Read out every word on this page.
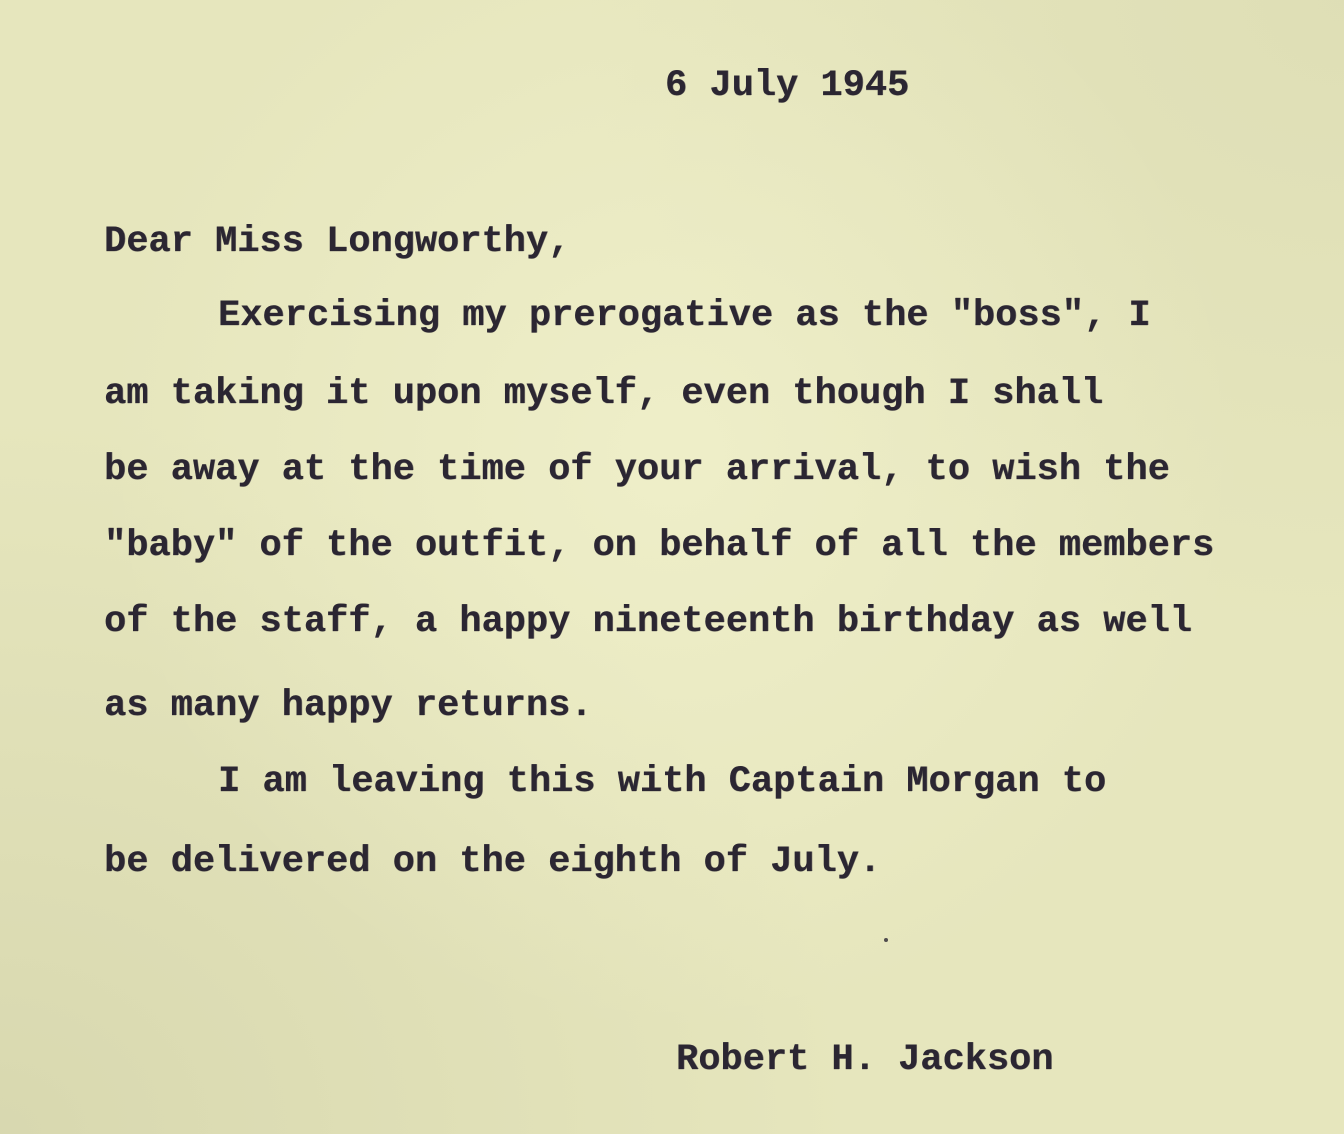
6 July 1945

Dear Miss Longworthy,

Exercising my prerogative as the "boss", I

am taking it upon myself, even though I shall

be away at the time of your arrival, to wish the

"baby" of the outfit, on behalf of all the members

of the staff, a happy nineteenth birthday as well

as many happy returns.

I am leaving this with Captain Morgan to

be delivered on the eighth of July.

Robert H. Jackson
